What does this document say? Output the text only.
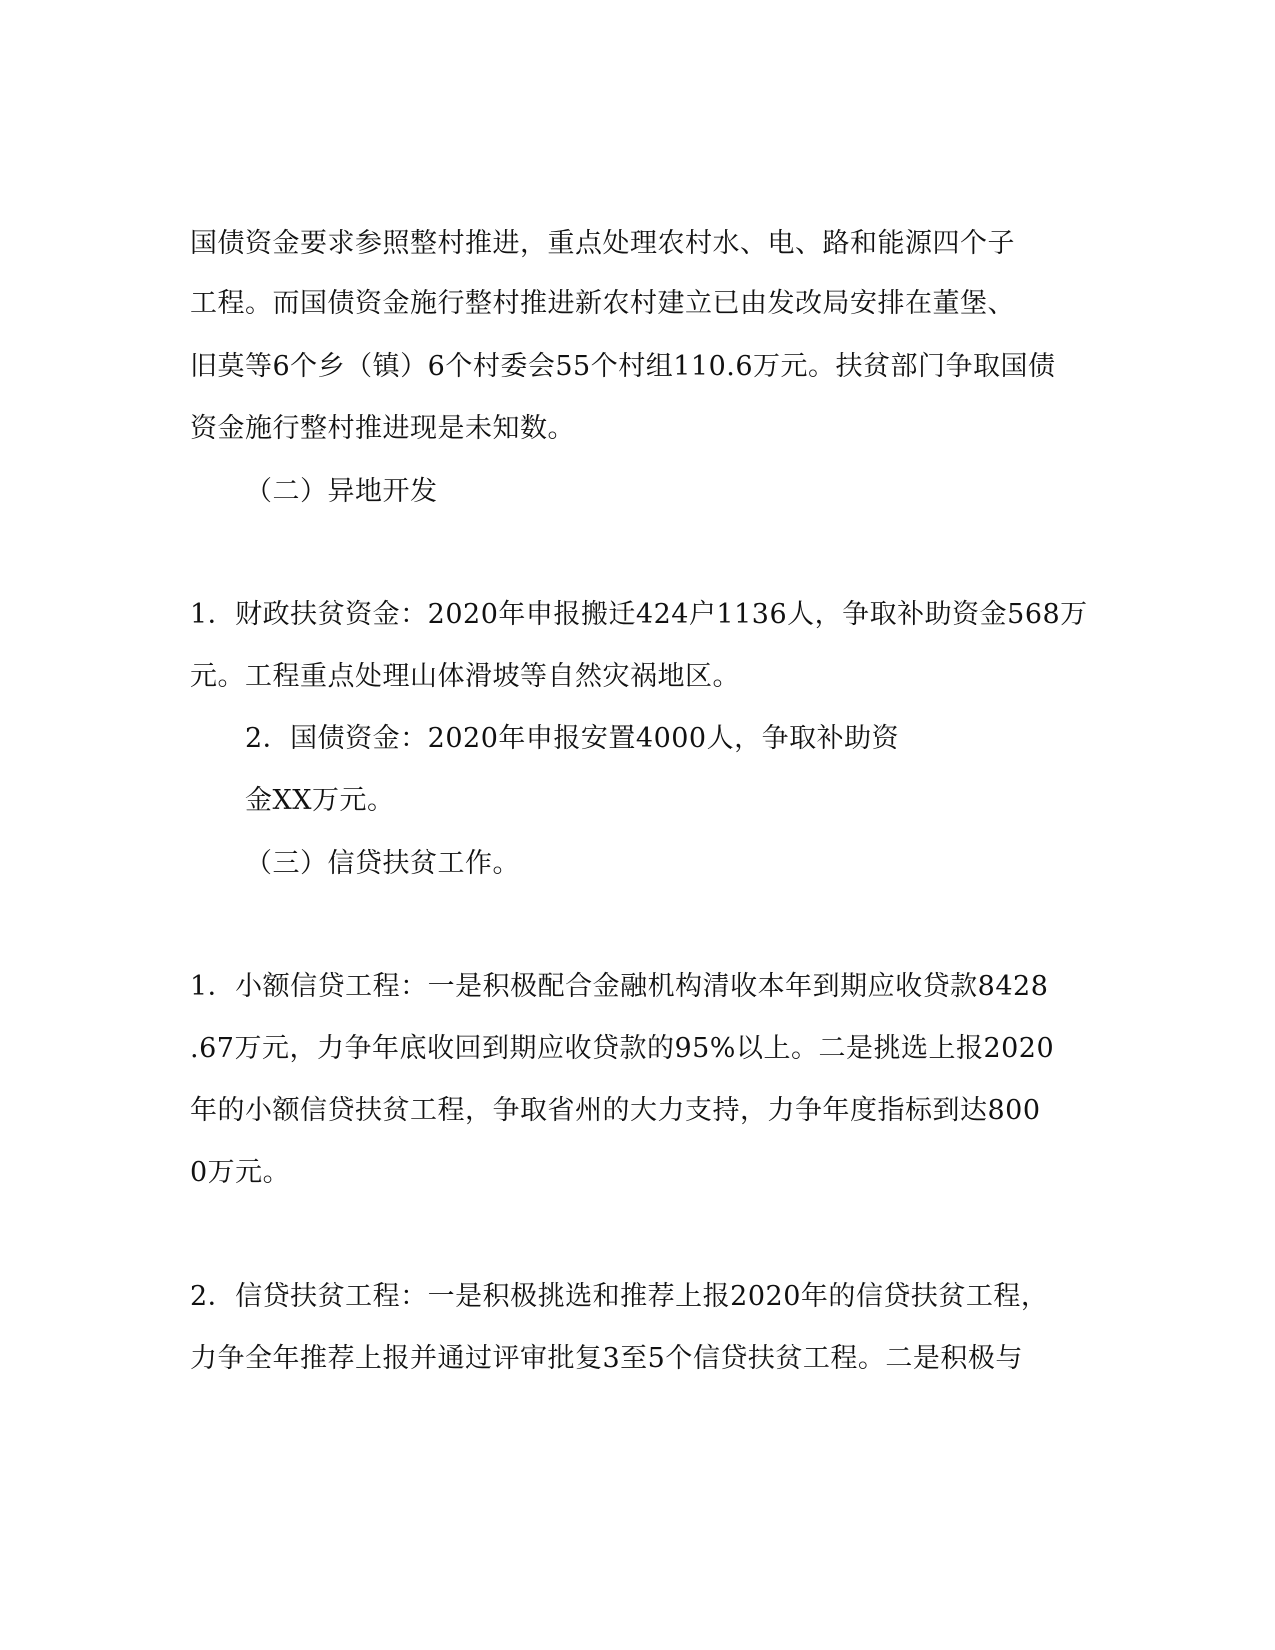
国债资金要求参照整村推进，重点处理农村水、电、路和能源四个子
工程。而国债资金施行整村推进新农村建立已由发改局安排在董堡、
旧莫等6个乡（镇）6个村委会55个村组110.6万元。扶贫部门争取国债
资金施行整村推进现是未知数。
（二）异地开发
1．财政扶贫资金：2020年申报搬迁424户1136人，争取补助资金568万
元。工程重点处理山体滑坡等自然灾祸地区。
2．国债资金：2020年申报安置4000人，争取补助资
金XX万元。
（三）信贷扶贫工作。
1．小额信贷工程：一是积极配合金融机构清收本年到期应收贷款8428
.67万元，力争年底收回到期应收贷款的95%以上。二是挑选上报2020
年的小额信贷扶贫工程，争取省州的大力支持，力争年度指标到达800
0万元。
2．信贷扶贫工程：一是积极挑选和推荐上报2020年的信贷扶贫工程，
力争全年推荐上报并通过评审批复3至5个信贷扶贫工程。二是积极与
